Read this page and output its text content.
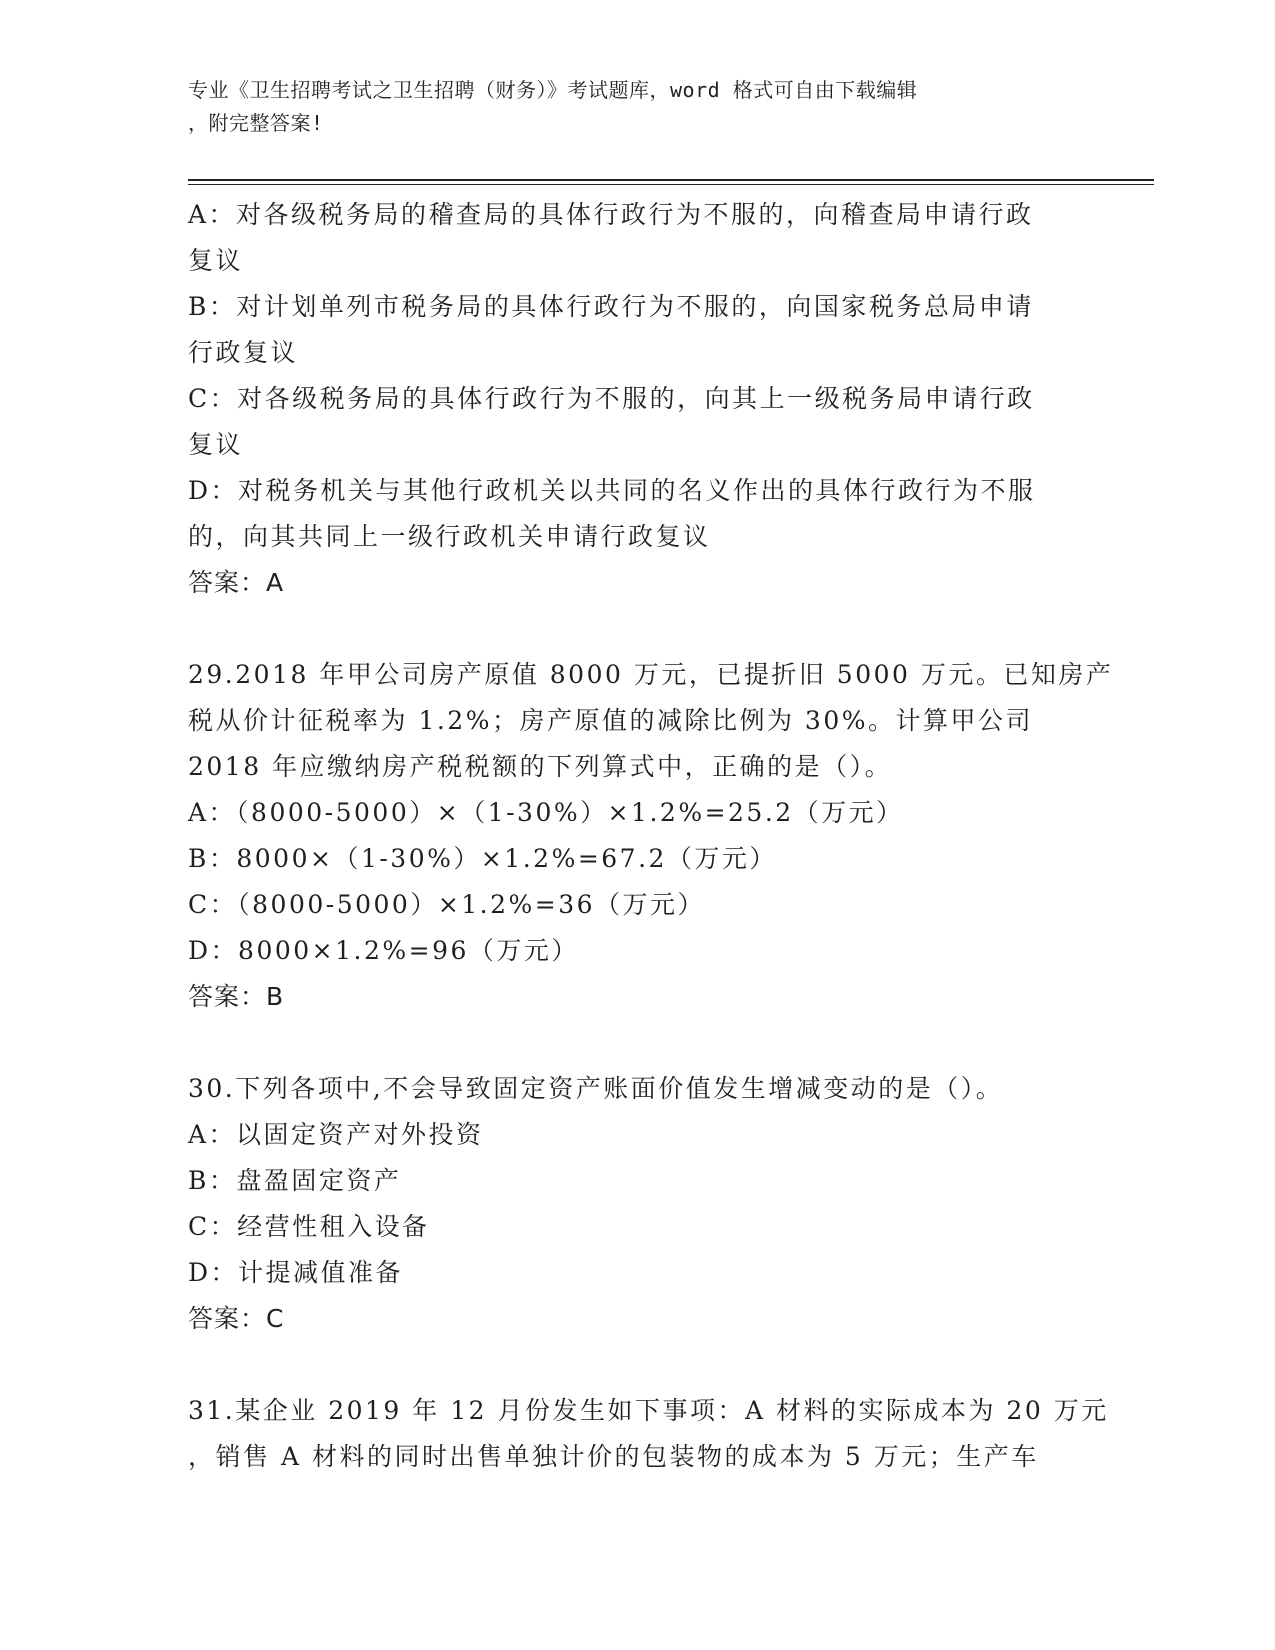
专业《卫生招聘考试之卫生招聘（财务）》考试题库，word 格式可自由下载编辑
，附完整答案!
A：对各级税务局的稽查局的具体行政行为不服的，向稽查局申请行政
复议
B：对计划单列市税务局的具体行政行为不服的，向国家税务总局申请
行政复议
C：对各级税务局的具体行政行为不服的，向其上一级税务局申请行政
复议
D：对税务机关与其他行政机关以共同的名义作出的具体行政行为不服
的，向其共同上一级行政机关申请行政复议
答案：A
29.2018 年甲公司房产原值 8000 万元，已提折旧 5000 万元。已知房产
税从价计征税率为 1.2%；房产原值的减除比例为 30%。计算甲公司
2018 年应缴纳房产税税额的下列算式中，正确的是（）。
A：（8000-5000）×（1-30%）×1.2%=25.2（万元）
B：8000×（1-30%）×1.2%=67.2（万元）
C：（8000-5000）×1.2%=36（万元）
D：8000×1.2%=96（万元）
答案：B
30.下列各项中,不会导致固定资产账面价值发生增减变动的是（）。
A：以固定资产对外投资
B：盘盈固定资产
C：经营性租入设备
D：计提减值准备
答案：C
31.某企业 2019 年 12 月份发生如下事项：A 材料的实际成本为 20 万元
，销售 A 材料的同时出售单独计价的包装物的成本为 5 万元；生产车
